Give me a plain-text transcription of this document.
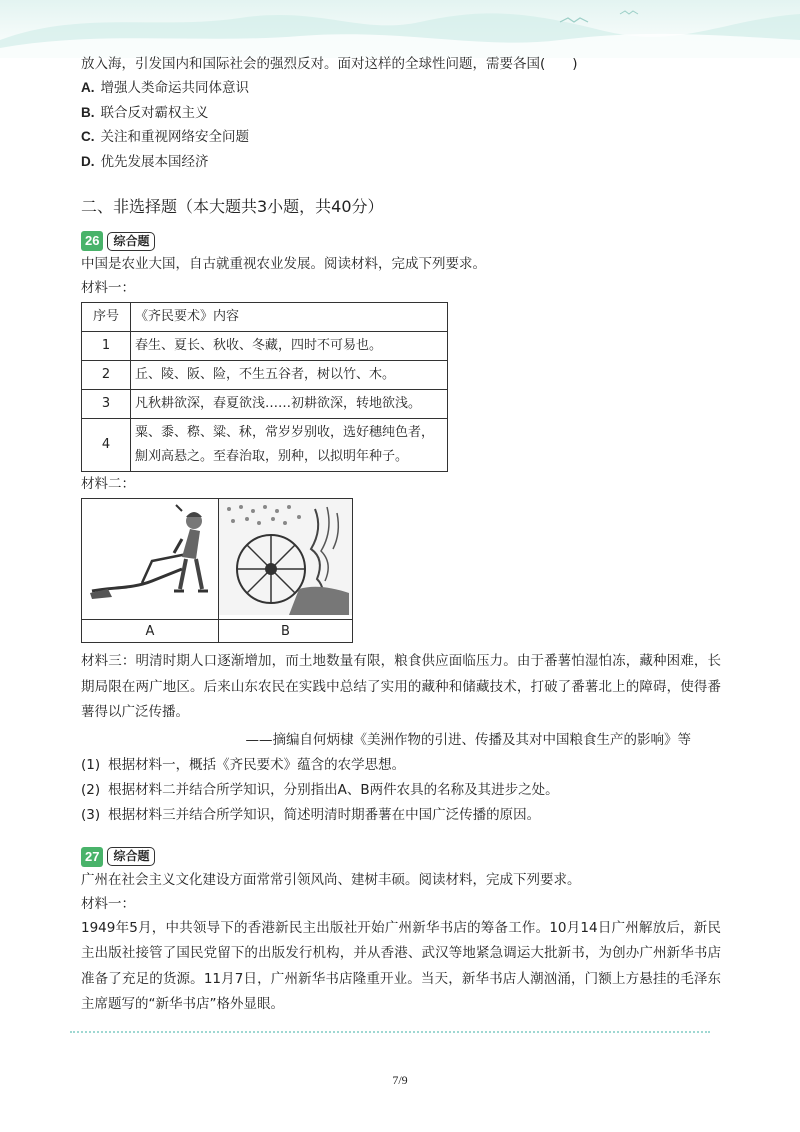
放入海，引发国内和国际社会的强烈反对。面对这样的全球性问题，需要各国(　　)

A. 增强人类命运共同体意识
B. 联合反对霸权主义
C. 关注和重视网络安全问题
D. 优先发展本国经济
二、非选择题（本大题共3小题，共40分）
26	综合题

中国是农业大国，自古就重视农业发展。阅读材料，完成下列要求。

材料一：

序号	《齐民要术》内容
1	春生、夏长、秋收、冬藏，四时不可易也。
2	丘、陵、阪、险，不生五谷者，树以竹、木。
3	凡秋耕欲深，春夏欲浅……初耕欲深，转地欲浅。
4	粟、黍、穄、粱、秫，常岁岁别收，选好穗纯色者，劁刈高悬之。至春治取，别种，以拟明年种子。

材料二：

A	B

材料三：明清时期人口逐渐增加，而土地数量有限，粮食供应面临压力。由于番薯怕湿怕冻，藏种困难，长期局限在两广地区。后来山东农民在实践中总结了实用的藏种和储藏技术，打破了番薯北上的障碍，使得番薯得以广泛传播。

——摘编自何炳棣《美洲作物的引进、传播及其对中国粮食生产的影响》等

(1) 根据材料一，概括《齐民要术》蕴含的农学思想。
(2) 根据材料二并结合所学知识，分别指出A、B两件农具的名称及其进步之处。
(3) 根据材料三并结合所学知识，简述明清时期番薯在中国广泛传播的原因。
27	综合题

广州在社会主义文化建设方面常常引领风尚、建树丰硕。阅读材料，完成下列要求。

材料一：

1949年5月，中共领导下的香港新民主出版社开始广州新华书店的筹备工作。10月14日广州解放后，新民主出版社接管了国民党留下的出版发行机构，并从香港、武汉等地紧急调运大批新书，为创办广州新华书店准备了充足的货源。11月7日，广州新华书店隆重开业。当天，新华书店人潮汹涌，门额上方悬挂的毛泽东主席题写的“新华书店”格外显眼。

7/9
